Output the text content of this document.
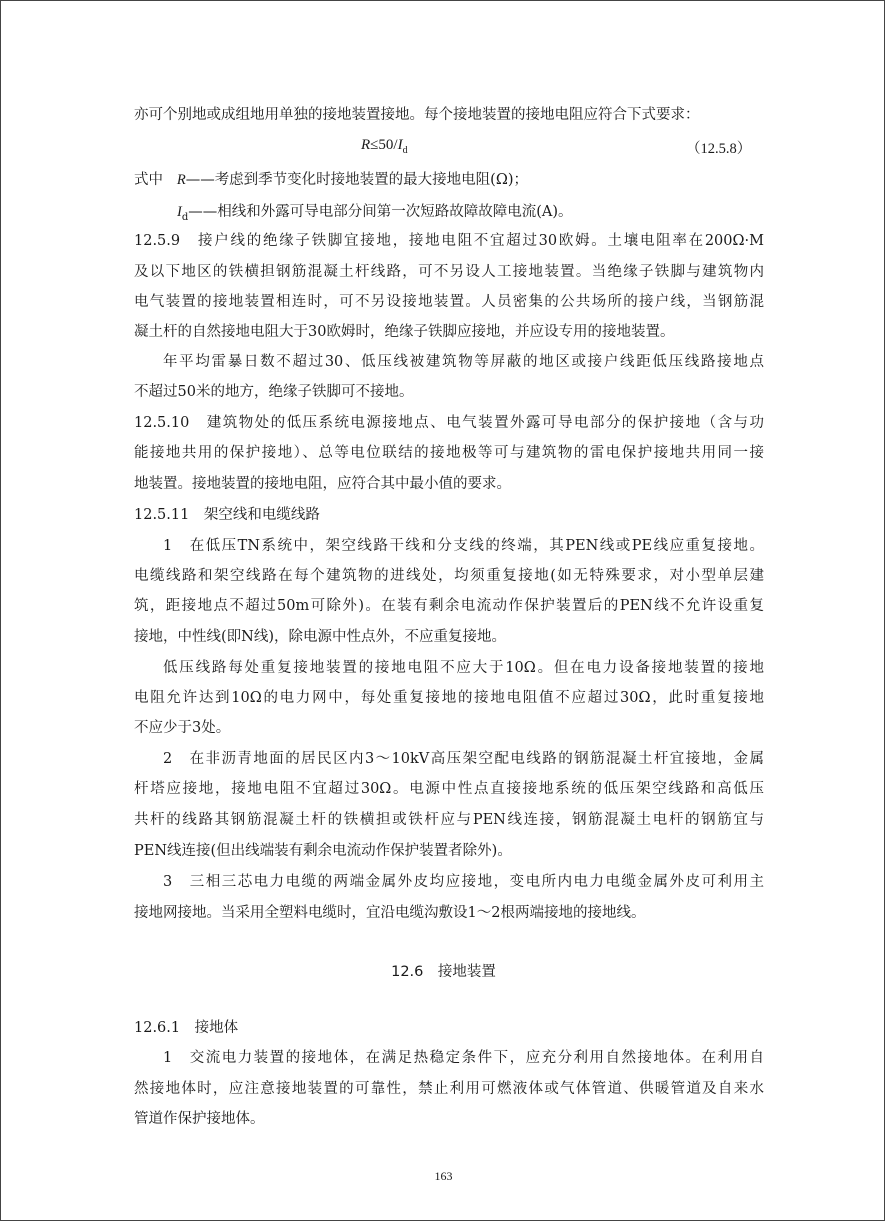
亦可个别地或成组地用单独的接地装置接地。每个接地装置的接地电阻应符合下式要求：
$R\le 50/I_d$	（12.5.8）
式中 R——考虑到季节变化时接地装置的最大接地电阻(Ω)；
$I_d——$相线和外露可导电部分间第一次短路故障故障电流(A)。
12.5.9　接户线的绝缘子铁脚宜接地，接地电阻不宜超过30欧姆。土壤电阻率在200Ω·M
及以下地区的铁横担钢筋混凝土杆线路，可不另设人工接地装置。当绝缘子铁脚与建筑物内
电气装置的接地装置相连时，可不另设接地装置。人员密集的公共场所的接户线，当钢筋混
凝土杆的自然接地电阻大于30欧姆时，绝缘子铁脚应接地，并应设专用的接地装置。
年平均雷暴日数不超过30、低压线被建筑物等屏蔽的地区或接户线距低压线路接地点
不超过50米的地方，绝缘子铁脚可不接地。
12.5.10　建筑物处的低压系统电源接地点、电气装置外露可导电部分的保护接地（含与功
能接地共用的保护接地）、总等电位联结的接地极等可与建筑物的雷电保护接地共用同一接
地装置。接地装置的接地电阻，应符合其中最小值的要求。
12.5.11　架空线和电缆线路
1　在低压TN系统中，架空线路干线和分支线的终端，其PEN线或PE线应重复接地。
电缆线路和架空线路在每个建筑物的进线处，均须重复接地(如无特殊要求，对小型单层建
筑，距接地点不超过50m可除外)。在装有剩余电流动作保护装置后的PEN线不允许设重复
接地，中性线(即N线)，除电源中性点外，不应重复接地。
低压线路每处重复接地装置的接地电阻不应大于10Ω。但在电力设备接地装置的接地
电阻允许达到10Ω的电力网中，每处重复接地的接地电阻值不应超过30Ω，此时重复接地
不应少于3处。
2　在非沥青地面的居民区内3～10kV高压架空配电线路的钢筋混凝土杆宜接地，金属
杆塔应接地，接地电阻不宜超过30Ω。电源中性点直接接地系统的低压架空线路和高低压
共杆的线路其钢筋混凝土杆的铁横担或铁杆应与PEN线连接，钢筋混凝土电杆的钢筋宜与
PEN线连接(但出线端装有剩余电流动作保护装置者除外)。
3　三相三芯电力电缆的两端金属外皮均应接地，变电所内电力电缆金属外皮可利用主
接地网接地。当采用全塑料电缆时，宜沿电缆沟敷设1～2根两端接地的接地线。
12.6　接地装置
12.6.1　接地体
1　交流电力装置的接地体，在满足热稳定条件下，应充分利用自然接地体。在利用自
然接地体时，应注意接地装置的可靠性，禁止利用可燃液体或气体管道、供暖管道及自来水
管道作保护接地体。
163
